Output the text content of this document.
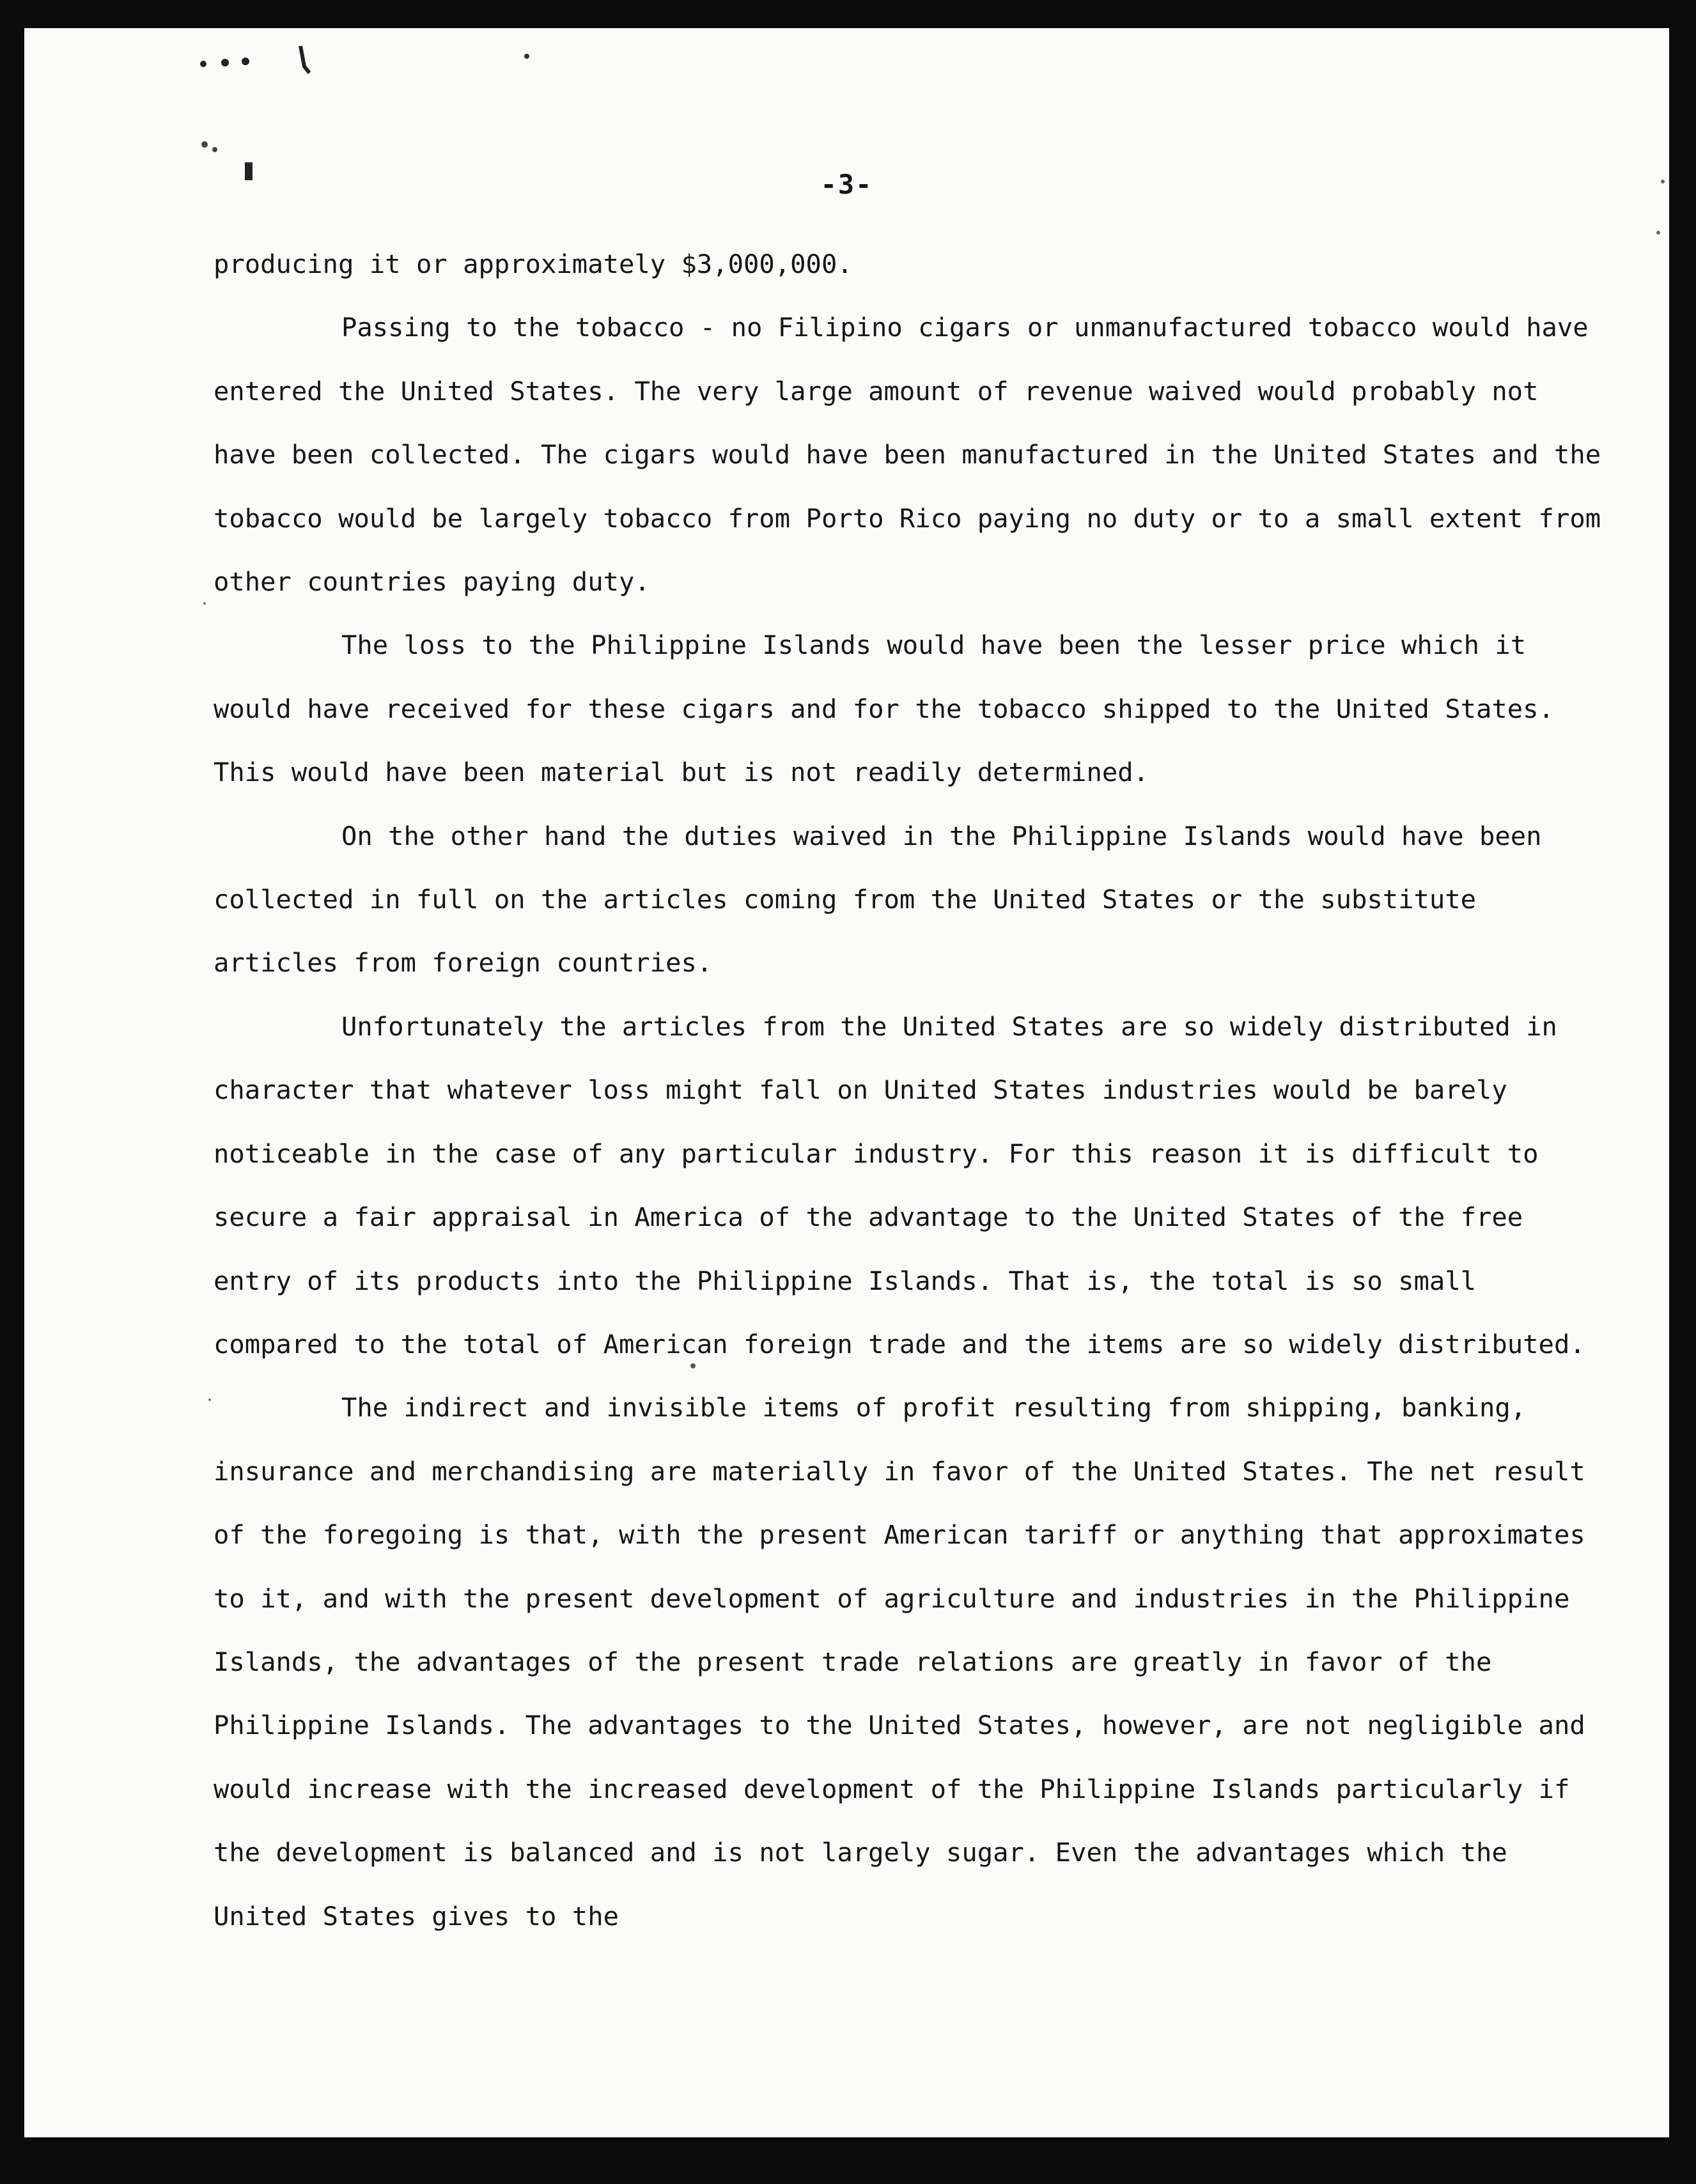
-3-

producing it or approximately $3,000,000.

Passing to the tobacco - no Filipino cigars or unmanufactured tobacco would have entered the United States. The very large amount of revenue waived would probably not have been collected. The cigars would have been manufactured in the United States and the tobacco would be largely tobacco from Porto Rico paying no duty or to a small extent from other countries paying duty.

The loss to the Philippine Islands would have been the lesser price which it would have received for these cigars and for the tobacco shipped to the United States. This would have been material but is not readily determined.

On the other hand the duties waived in the Philippine Islands would have been collected in full on the articles coming from the United States or the substitute articles from foreign countries.

Unfortunately the articles from the United States are so widely distributed in character that whatever loss might fall on United States industries would be barely noticeable in the case of any particular industry. For this reason it is difficult to secure a fair appraisal in America of the advantage to the United States of the free entry of its products into the Philippine Islands. That is, the total is so small compared to the total of American foreign trade and the items are so widely distributed.

The indirect and invisible items of profit resulting from shipping, banking, insurance and merchandising are materially in favor of the United States. The net result of the foregoing is that, with the present American tariff or anything that approximates to it, and with the present development of agriculture and industries in the Philippine Islands, the advantages of the present trade relations are greatly in favor of the Philippine Islands. The advantages to the United States, however, are not negligible and would increase with the increased development of the Philippine Islands particularly if the development is balanced and is not largely sugar. Even the advantages which the United States gives to the
